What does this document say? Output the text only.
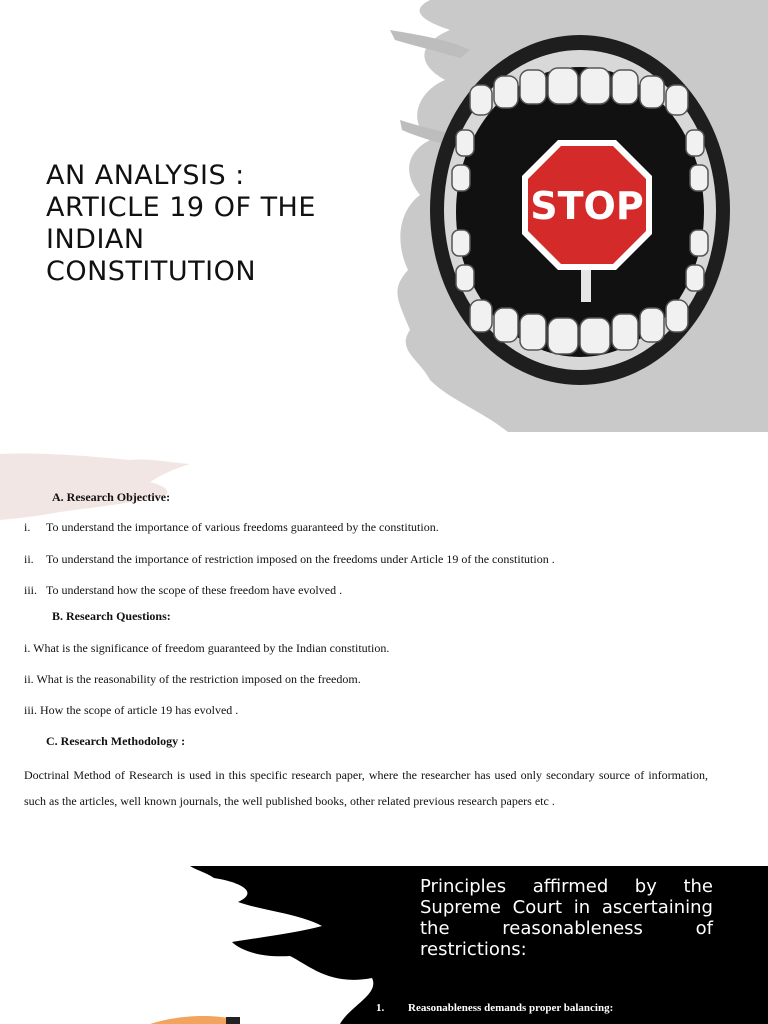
STOP
AN ANALYSIS :
ARTICLE 19 OF THE
INDIAN
CONSTITUTION
A. Research Objective:
i. To understand the importance of various freedoms guaranteed by the constitution.
ii. To understand the importance of restriction imposed on the freedoms under Article 19 of the constitution .
iii. To understand how the scope of these freedom have evolved .
B. Research Questions:
i. What is the significance of freedom guaranteed by the Indian constitution.
ii. What is the reasonability of the restriction imposed on the freedom.
iii. How the scope of article 19 has evolved .
C. Research Methodology :
Doctrinal Method of Research is used in this specific research paper, where the researcher has used only secondary source of information, such as the articles, well known journals, the well published books, other related previous research papers etc .
Principles affirmed by the Supreme Court in ascertaining the reasonableness of restrictions:
1. Reasonableness demands proper balancing:
